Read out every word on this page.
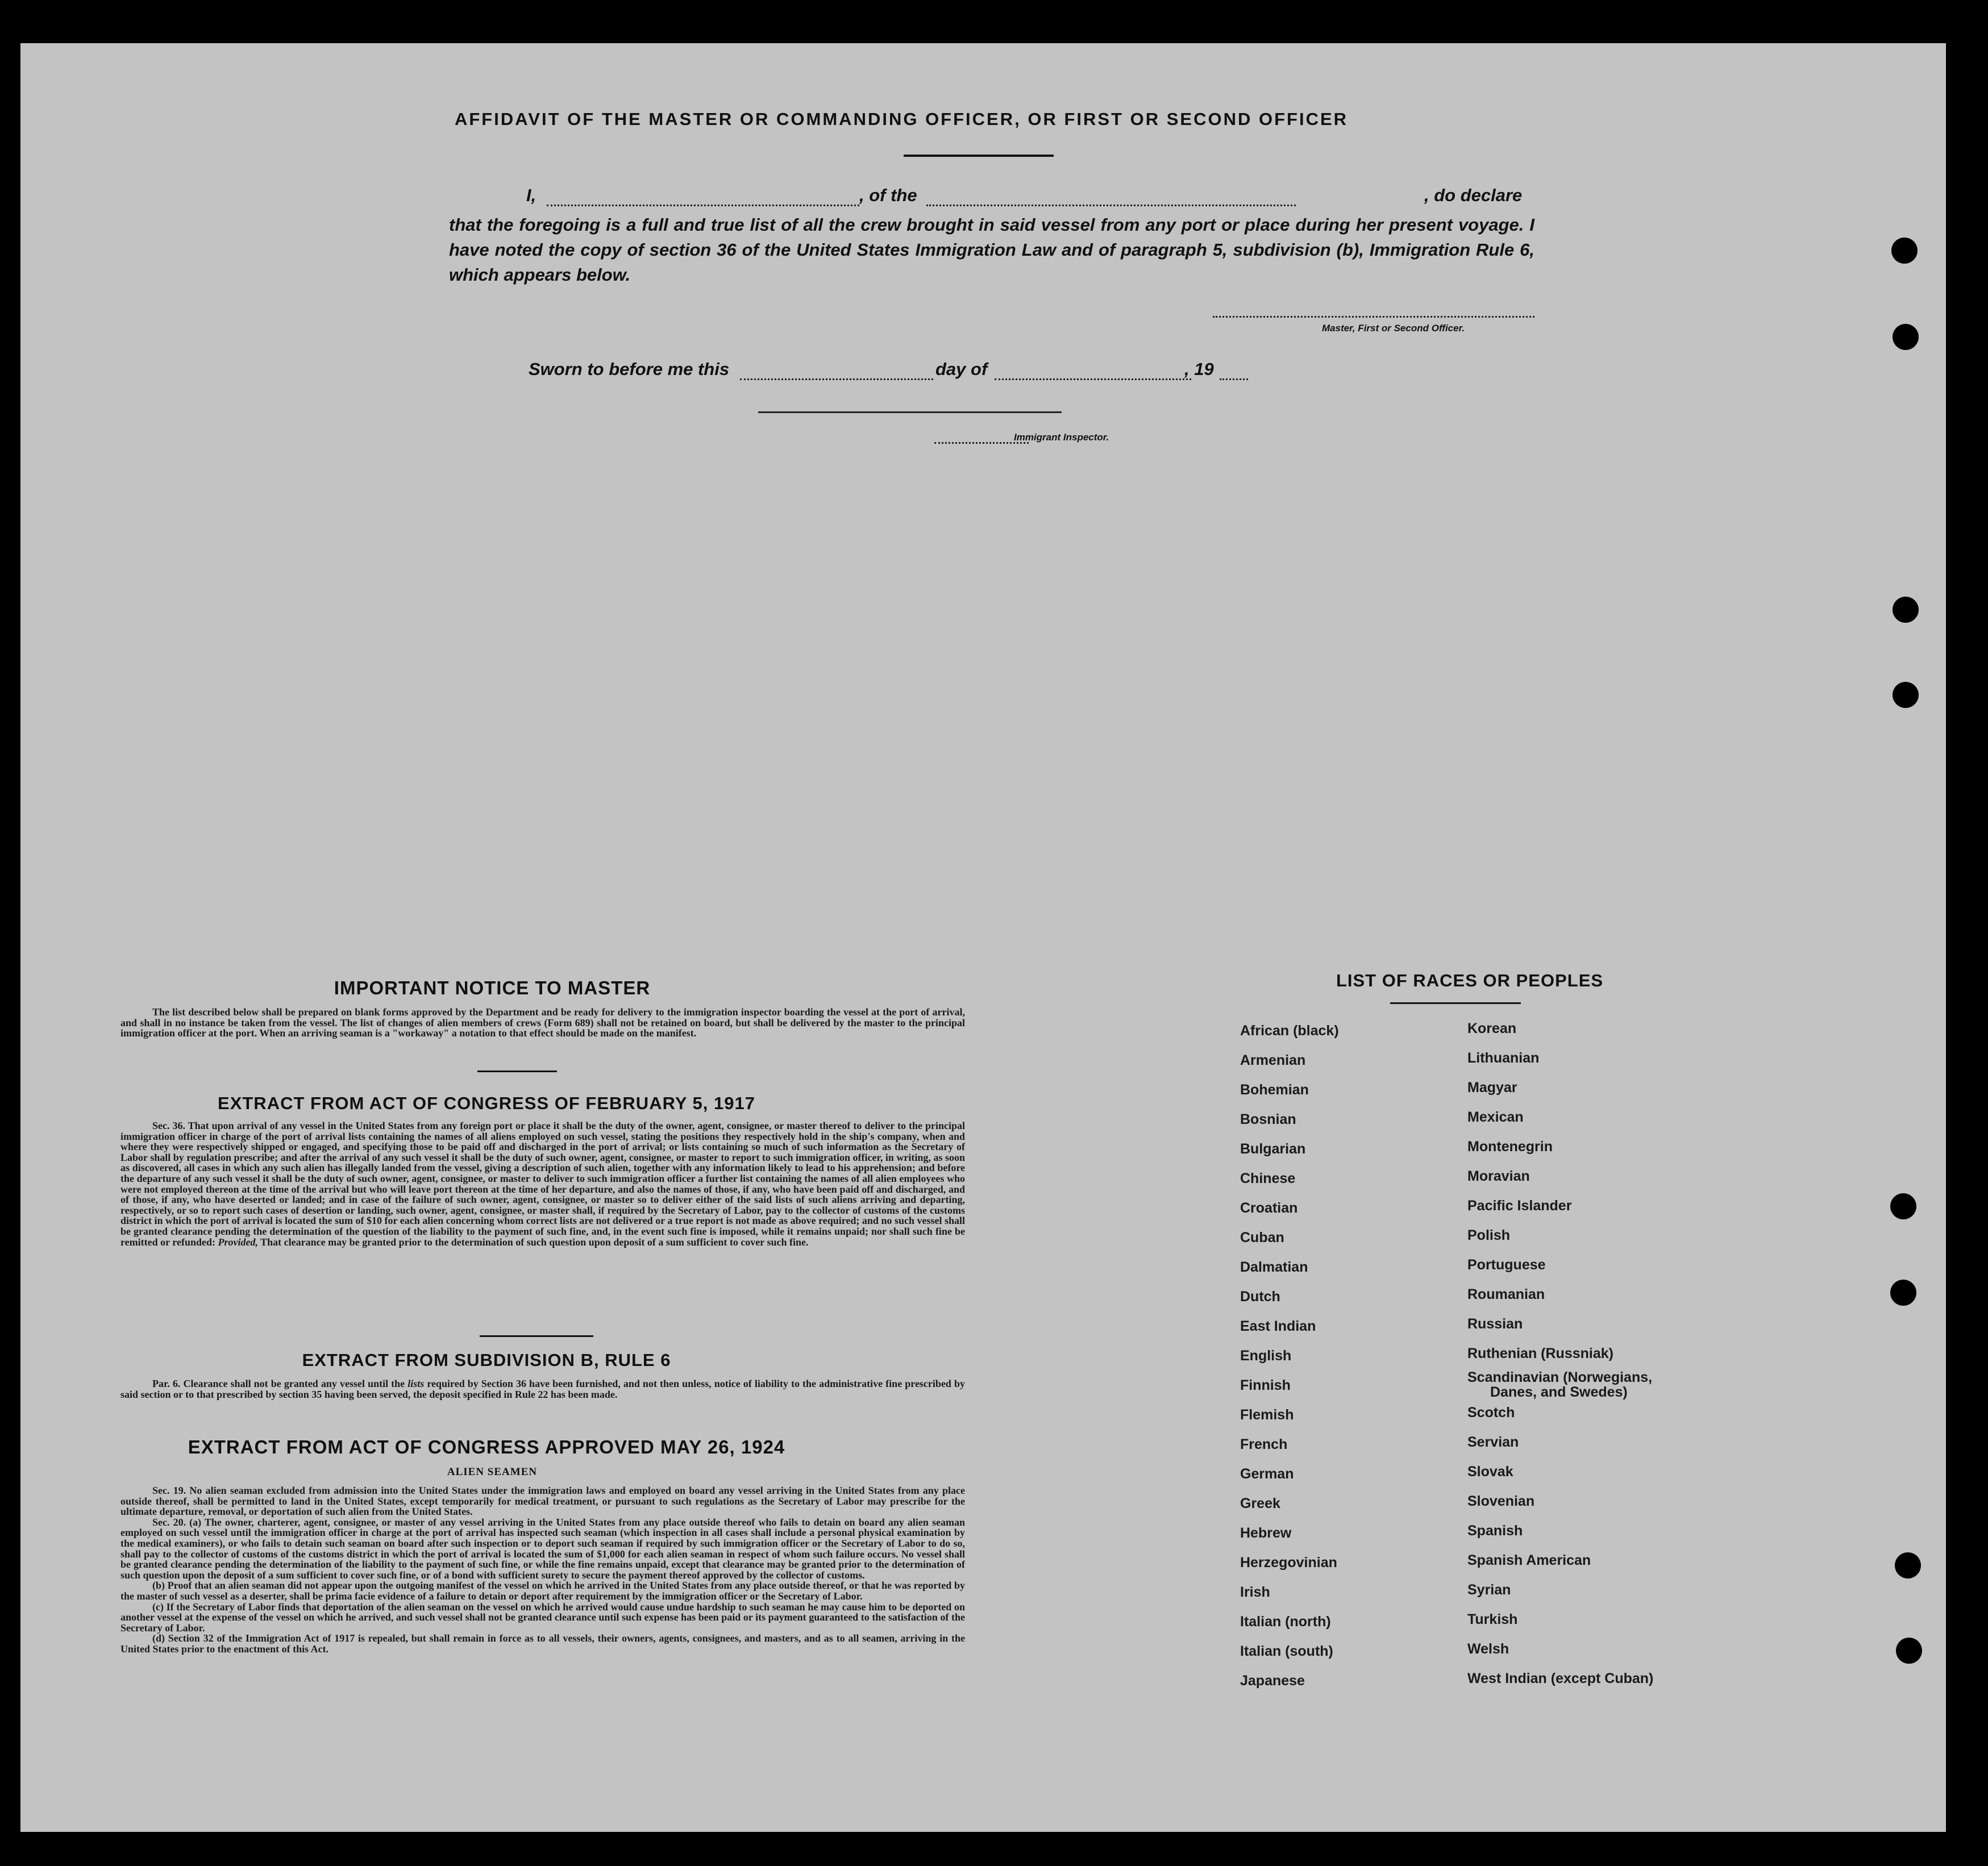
AFFIDAVIT OF THE MASTER OR COMMANDING OFFICER, OR FIRST OR SECOND OFFICER
I,	, of the	, do declare
that the foregoing is a full and true list of all the crew brought in said vessel from any port or place during her present voyage. I have noted the copy of section 36 of the United States Immigration Law and of paragraph 5, subdivision (b), Immigration Rule 6, which appears below.
Master, First or Second Officer.
Sworn to before me this	day of	, 19
Immigrant Inspector.
IMPORTANT NOTICE TO MASTER

The list described below shall be prepared on blank forms approved by the Department and be ready for delivery to the immigration inspector boarding the vessel at the port of arrival, and shall in no instance be taken from the vessel. The list of changes of alien members of crews (Form 689) shall not be retained on board, but shall be delivered by the master to the principal immigration officer at the port. When an arriving seaman is a "workaway" a notation to that effect should be made on the manifest.

EXTRACT FROM ACT OF CONGRESS OF FEBRUARY 5, 1917

Sec. 36. That upon arrival of any vessel in the United States from any foreign port or place it shall be the duty of the owner, agent, consignee, or master thereof to deliver to the principal immigration officer in charge of the port of arrival lists containing the names of all aliens employed on such vessel, stating the positions they respectively hold in the ship's company, when and where they were respectively shipped or engaged, and specifying those to be paid off and discharged in the port of arrival; or lists containing so much of such information as the Secretary of Labor shall by regulation prescribe; and after the arrival of any such vessel it shall be the duty of such owner, agent, consignee, or master to report to such immigration officer, in writing, as soon as discovered, all cases in which any such alien has illegally landed from the vessel, giving a description of such alien, together with any information likely to lead to his apprehension; and before the departure of any such vessel it shall be the duty of such owner, agent, consignee, or master to deliver to such immigration officer a further list containing the names of all alien employees who were not employed thereon at the time of the arrival but who will leave port thereon at the time of her departure, and also the names of those, if any, who have been paid off and discharged, and of those, if any, who have deserted or landed; and in case of the failure of such owner, agent, consignee, or master so to deliver either of the said lists of such aliens arriving and departing, respectively, or so to report such cases of desertion or landing, such owner, agent, consignee, or master shall, if required by the Secretary of Labor, pay to the collector of customs of the customs district in which the port of arrival is located the sum of $10 for each alien concerning whom correct lists are not delivered or a true report is not made as above required; and no such vessel shall be granted clearance pending the determination of the question of the liability to the payment of such fine, and, in the event such fine is imposed, while it remains unpaid; nor shall such fine be remitted or refunded: Provided, That clearance may be granted prior to the determination of such question upon deposit of a sum sufficient to cover such fine.

EXTRACT FROM SUBDIVISION B, RULE 6

Par. 6. Clearance shall not be granted any vessel until the lists required by Section 36 have been furnished, and not then unless, notice of liability to the administrative fine prescribed by said section or to that prescribed by section 35 having been served, the deposit specified in Rule 22 has been made.

EXTRACT FROM ACT OF CONGRESS APPROVED MAY 26, 1924
ALIEN SEAMEN

Sec. 19. No alien seaman excluded from admission into the United States under the immigration laws and employed on board any vessel arriving in the United States from any place outside thereof, shall be permitted to land in the United States, except temporarily for medical treatment, or pursuant to such regulations as the Secretary of Labor may prescribe for the ultimate departure, removal, or deportation of such alien from the United States.

Sec. 20. (a) The owner, charterer, agent, consignee, or master of any vessel arriving in the United States from any place outside thereof who fails to detain on board any alien seaman employed on such vessel until the immigration officer in charge at the port of arrival has inspected such seaman (which inspection in all cases shall include a personal physical examination by the medical examiners), or who fails to detain such seaman on board after such inspection or to deport such seaman if required by such immigration officer or the Secretary of Labor to do so, shall pay to the collector of customs of the customs district in which the port of arrival is located the sum of $1,000 for each alien seaman in respect of whom such failure occurs. No vessel shall be granted clearance pending the determination of the liability to the payment of such fine, or while the fine remains unpaid, except that clearance may be granted prior to the determination of such question upon the deposit of a sum sufficient to cover such fine, or of a bond with sufficient surety to secure the payment thereof approved by the collector of customs.

(b) Proof that an alien seaman did not appear upon the outgoing manifest of the vessel on which he arrived in the United States from any place outside thereof, or that he was reported by the master of such vessel as a deserter, shall be prima facie evidence of a failure to detain or deport after requirement by the immigration officer or the Secretary of Labor.

(c) If the Secretary of Labor finds that deportation of the alien seaman on the vessel on which he arrived would cause undue hardship to such seaman he may cause him to be deported on another vessel at the expense of the vessel on which he arrived, and such vessel shall not be granted clearance until such expense has been paid or its payment guaranteed to the satisfaction of the Secretary of Labor.

(d) Section 32 of the Immigration Act of 1917 is repealed, but shall remain in force as to all vessels, their owners, agents, consignees, and masters, and as to all seamen, arriving in the United States prior to the enactment of this Act.

LIST OF RACES OR PEOPLES
African (black)
Armenian
Bohemian
Bosnian
Bulgarian
Chinese
Croatian
Cuban
Dalmatian
Dutch
East Indian
English
Finnish
Flemish
French
German
Greek
Hebrew
Herzegovinian
Irish
Italian (north)
Italian (south)
Japanese
Korean
Lithuanian
Magyar
Mexican
Montenegrin
Moravian
Pacific Islander
Polish
Portuguese
Roumanian
Russian
Ruthenian (Russniak)
Scandinavian (Norwegians,
Danes, and Swedes)
Scotch
Servian
Slovak
Slovenian
Spanish
Spanish American
Syrian
Turkish
Welsh
West Indian (except Cuban)
